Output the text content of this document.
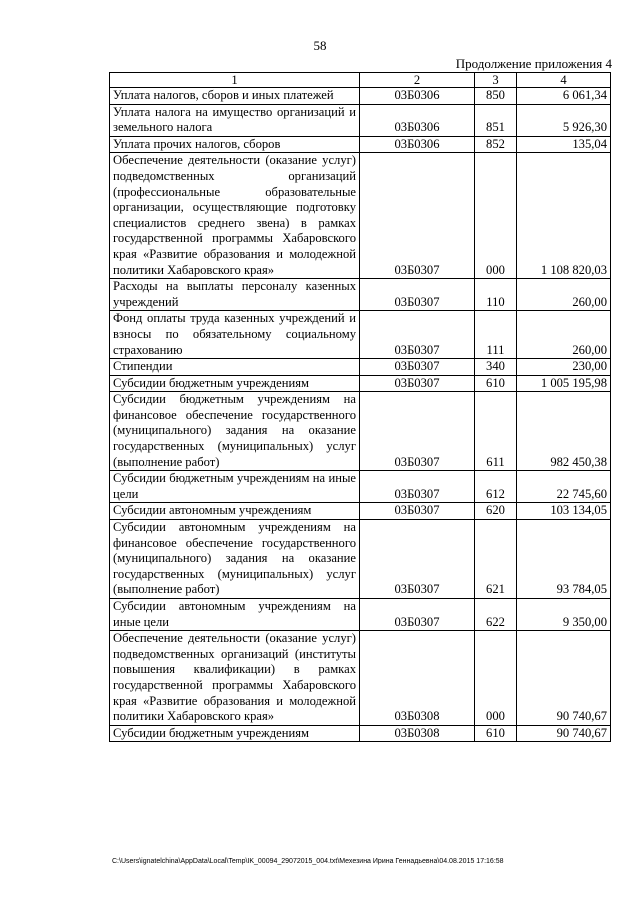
58
Продолжение приложения 4
1	2	3	4
Уплата налогов, сборов и иных платежей	03Б0306	850	6 061,34
Уплата налога на имущество организаций и земельного налога	03Б0306	851	5 926,30
Уплата прочих налогов, сборов	03Б0306	852	135,04
Обеспечение деятельности (оказание услуг) подведомственных организаций (профессиональные образовательные организации, осуществляющие подготовку специалистов среднего звена) в рамках государственной программы Хабаровского края «Развитие образования и молодежной политики Хабаровского края»	03Б0307	000	1 108 820,03
Расходы на выплаты персоналу казенных учреждений	03Б0307	110	260,00
Фонд оплаты труда казенных учреждений и взносы по обязательному социальному страхованию	03Б0307	111	260,00
Стипендии	03Б0307	340	230,00
Субсидии бюджетным учреждениям	03Б0307	610	1 005 195,98
Субсидии бюджетным учреждениям на финансовое обеспечение государственного (муниципального) задания на оказание государственных (муниципальных) услуг (выполнение работ)	03Б0307	611	982 450,38
Субсидии бюджетным учреждениям на иные цели	03Б0307	612	22 745,60
Субсидии автономным учреждениям	03Б0307	620	103 134,05
Субсидии автономным учреждениям на финансовое обеспечение государственного (муниципального) задания на оказание государственных (муниципальных) услуг (выполнение работ)	03Б0307	621	93 784,05
Субсидии автономным учреждениям на иные цели	03Б0307	622	9 350,00
Обеспечение деятельности (оказание услуг) подведомственных организаций (институты повышения квалификации) в рамках государственной программы Хабаровского края «Развитие образования и молодежной политики Хабаровского края»	03Б0308	000	90 740,67
Субсидии бюджетным учреждениям	03Б0308	610	90 740,67
C:\Users\ignatelchina\AppData\Local\Temp\IK_00094_29072015_004.txt\Мехезина Ирина Геннадьевна\04.08.2015 17:16:58
